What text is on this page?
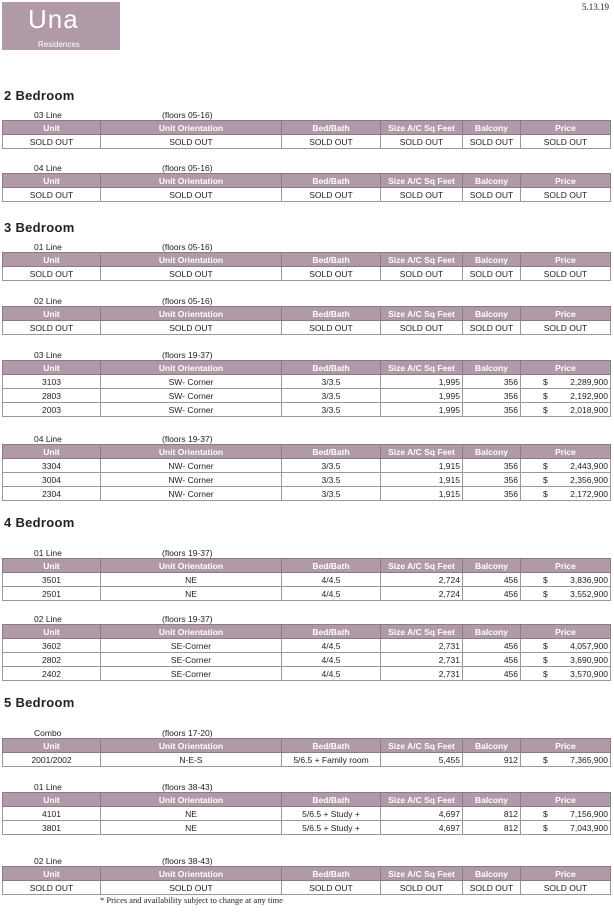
Una
Residences
5.13.19
2 Bedroom
03 Line	(floors 05-16)
Unit	Unit Orientation	Bed/Bath	Size A/C Sq Feet	Balcony	Price
SOLD OUT	SOLD OUT	SOLD OUT	SOLD OUT	SOLD OUT	SOLD OUT
04 Line	(floors 05-16)
Unit	Unit Orientation	Bed/Bath	Size A/C Sq Feet	Balcony	Price
SOLD OUT	SOLD OUT	SOLD OUT	SOLD OUT	SOLD OUT	SOLD OUT
3 Bedroom
01 Line	(floors 05-16)
Unit	Unit Orientation	Bed/Bath	Size A/C Sq Feet	Balcony	Price
SOLD OUT	SOLD OUT	SOLD OUT	SOLD OUT	SOLD OUT	SOLD OUT
02 Line	(floors 05-16)
Unit	Unit Orientation	Bed/Bath	Size A/C Sq Feet	Balcony	Price
SOLD OUT	SOLD OUT	SOLD OUT	SOLD OUT	SOLD OUT	SOLD OUT
03 Line	(floors 19-37)
Unit	Unit Orientation	Bed/Bath	Size A/C Sq Feet	Balcony	Price
3103	SW- Corner	3/3.5	1,995	356	$ 2,289,900
2803	SW- Corner	3/3.5	1,995	356	$ 2,192,900
2003	SW- Corner	3/3.5	1,995	356	$ 2,018,900
04 Line	(floors 19-37)
Unit	Unit Orientation	Bed/Bath	Size A/C Sq Feet	Balcony	Price
3304	NW- Corner	3/3.5	1,915	356	$ 2,443,900
3004	NW- Corner	3/3.5	1,915	356	$ 2,356,900
2304	NW- Corner	3/3.5	1,915	356	$ 2,172,900
4 Bedroom
01 Line	(floors 19-37)
Unit	Unit Orientation	Bed/Bath	Size A/C Sq Feet	Balcony	Price
3501	NE	4/4.5	2,724	456	$ 3,836,900
2501	NE	4/4.5	2,724	456	$ 3,552,900
02 Line	(floors 19-37)
Unit	Unit Orientation	Bed/Bath	Size A/C Sq Feet	Balcony	Price
3602	SE-Corner	4/4.5	2,731	456	$ 4,057,900
2802	SE-Corner	4/4.5	2,731	456	$ 3,690,900
2402	SE-Corner	4/4.5	2,731	456	$ 3,570,900
5 Bedroom
Combo	(floors 17-20)
Unit	Unit Orientation	Bed/Bath	Size A/C Sq Feet	Balcony	Price
2001/2002	N-E-S	5/6.5 + Family room	5,455	912	$ 7,365,900
01 Line	(floors 38-43)
Unit	Unit Orientation	Bed/Bath	Size A/C Sq Feet	Balcony	Price
4101	NE	5/6.5 + Study +	4,697	812	$ 7,156,900
3801	NE	5/6.5 + Study +	4,697	812	$ 7,043,900
02 Line	(floors 38-43)
Unit	Unit Orientation	Bed/Bath	Size A/C Sq Feet	Balcony	Price
SOLD OUT	SOLD OUT	SOLD OUT	SOLD OUT	SOLD OUT	SOLD OUT
* Prices and availability subject to change at any time
